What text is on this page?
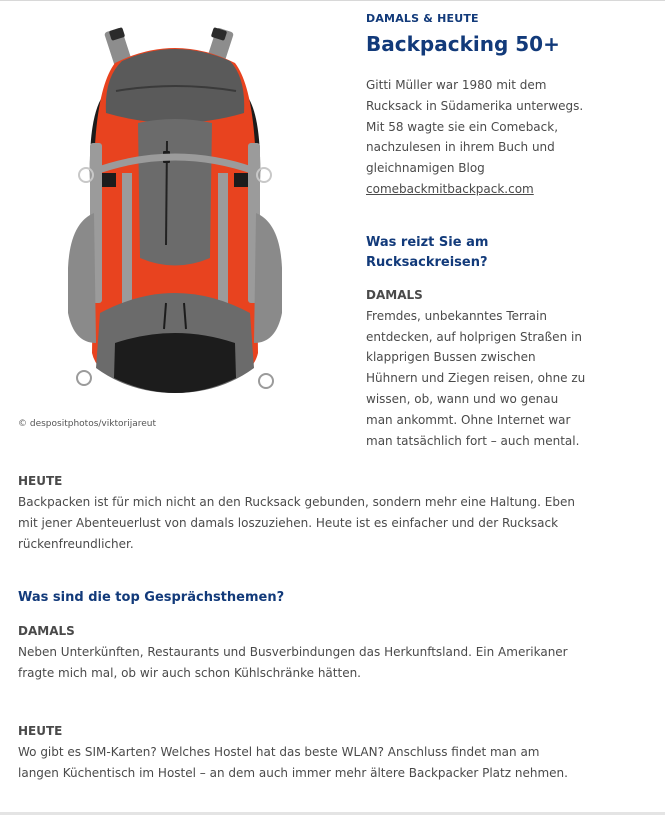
© despositphotos/viktorijareut
DAMALS & HEUTE
Backpacking 50+

Gitti Müller war 1980 mit dem Rucksack in Südamerika unterwegs. Mit 58 wagte sie ein Comeback, nachzulesen in ihrem Buch und gleichnamigen Blog
comebackmitbackpack.com

Was reizt Sie am Rucksackreisen?
DAMALS

Fremdes, unbekanntes Terrain entdecken, auf holprigen Straßen in klapprigen Bussen zwischen Hühnern und Ziegen reisen, ohne zu wissen, ob, wann und wo genau man ankommt. Ohne Internet war man tatsächlich fort – auch mental.

HEUTE

Backpacken ist für mich nicht an den Rucksack gebunden, sondern mehr eine Haltung. Eben mit jener Abenteuerlust von damals loszuziehen. Heute ist es einfacher und der Rucksack rückenfreundlicher.

Was sind die top Gesprächsthemen?
DAMALS

Neben Unterkünften, Restaurants und Busverbindungen das Herkunftsland. Ein Amerikaner fragte mich mal, ob wir auch schon Kühlschränke hätten.

HEUTE

Wo gibt es SIM-Karten? Welches Hostel hat das beste WLAN? Anschluss findet man am langen Küchentisch im Hostel – an dem auch immer mehr ältere Backpacker Platz nehmen.
